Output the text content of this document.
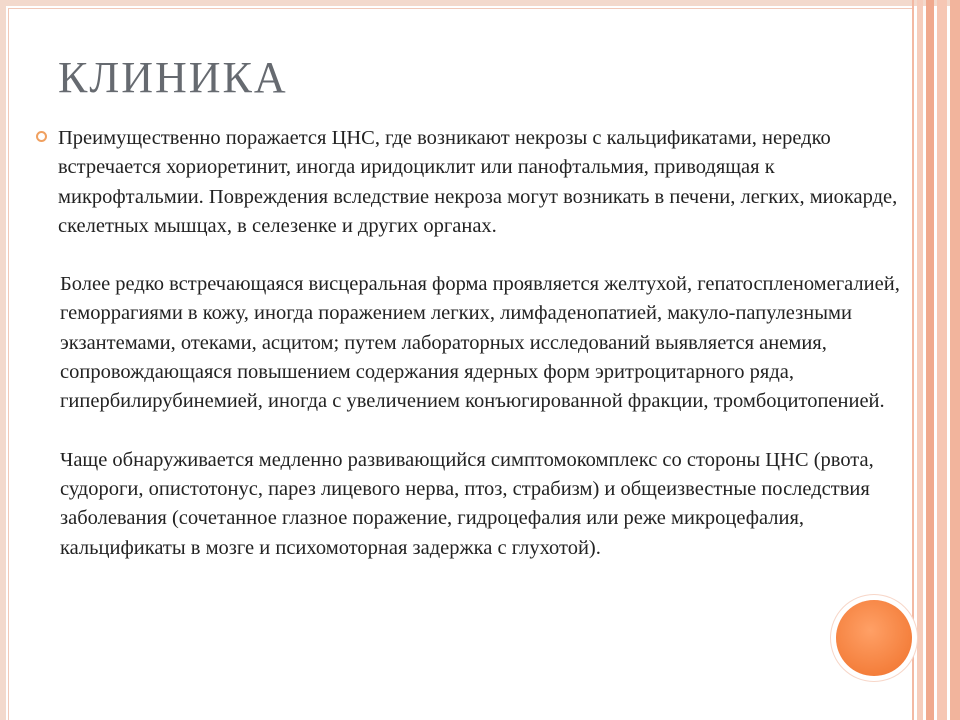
КЛИНИКА

Преимущественно поражается ЦНС, где возникают некрозы с кальцификатами, нередко встречается хориоретинит, иногда иридоциклит или панофтальмия, приводящая к микрофтальмии. Повреждения вследствие некроза могут возникать в печени, легких, миокарде, скелетных мышцах, в селезенке и других органах.

Более редко встречающаяся висцеральная форма проявляется желтухой, гепатоспленомегалией, геморрагиями в кожу, иногда поражением легких, лимфаденопатией, макуло-папулезными экзантемами, отеками, асцитом; путем лабораторных исследований выявляется анемия, сопровождающаяся повышением содержания ядерных форм эритроцитарного ряда, гипербилирубинемией, иногда с увеличением конъюгированной фракции, тромбоцитопенией.

Чаще обнаруживается медленно развивающийся симптомокомплекс со стороны ЦНС (рвота, судороги, опистотонус, парез лицевого нерва, птоз, страбизм) и общеизвестные последствия заболевания (сочетанное глазное поражение, гидроцефалия или реже микроцефалия, кальцификаты в мозге и психомоторная задержка с глухотой).
